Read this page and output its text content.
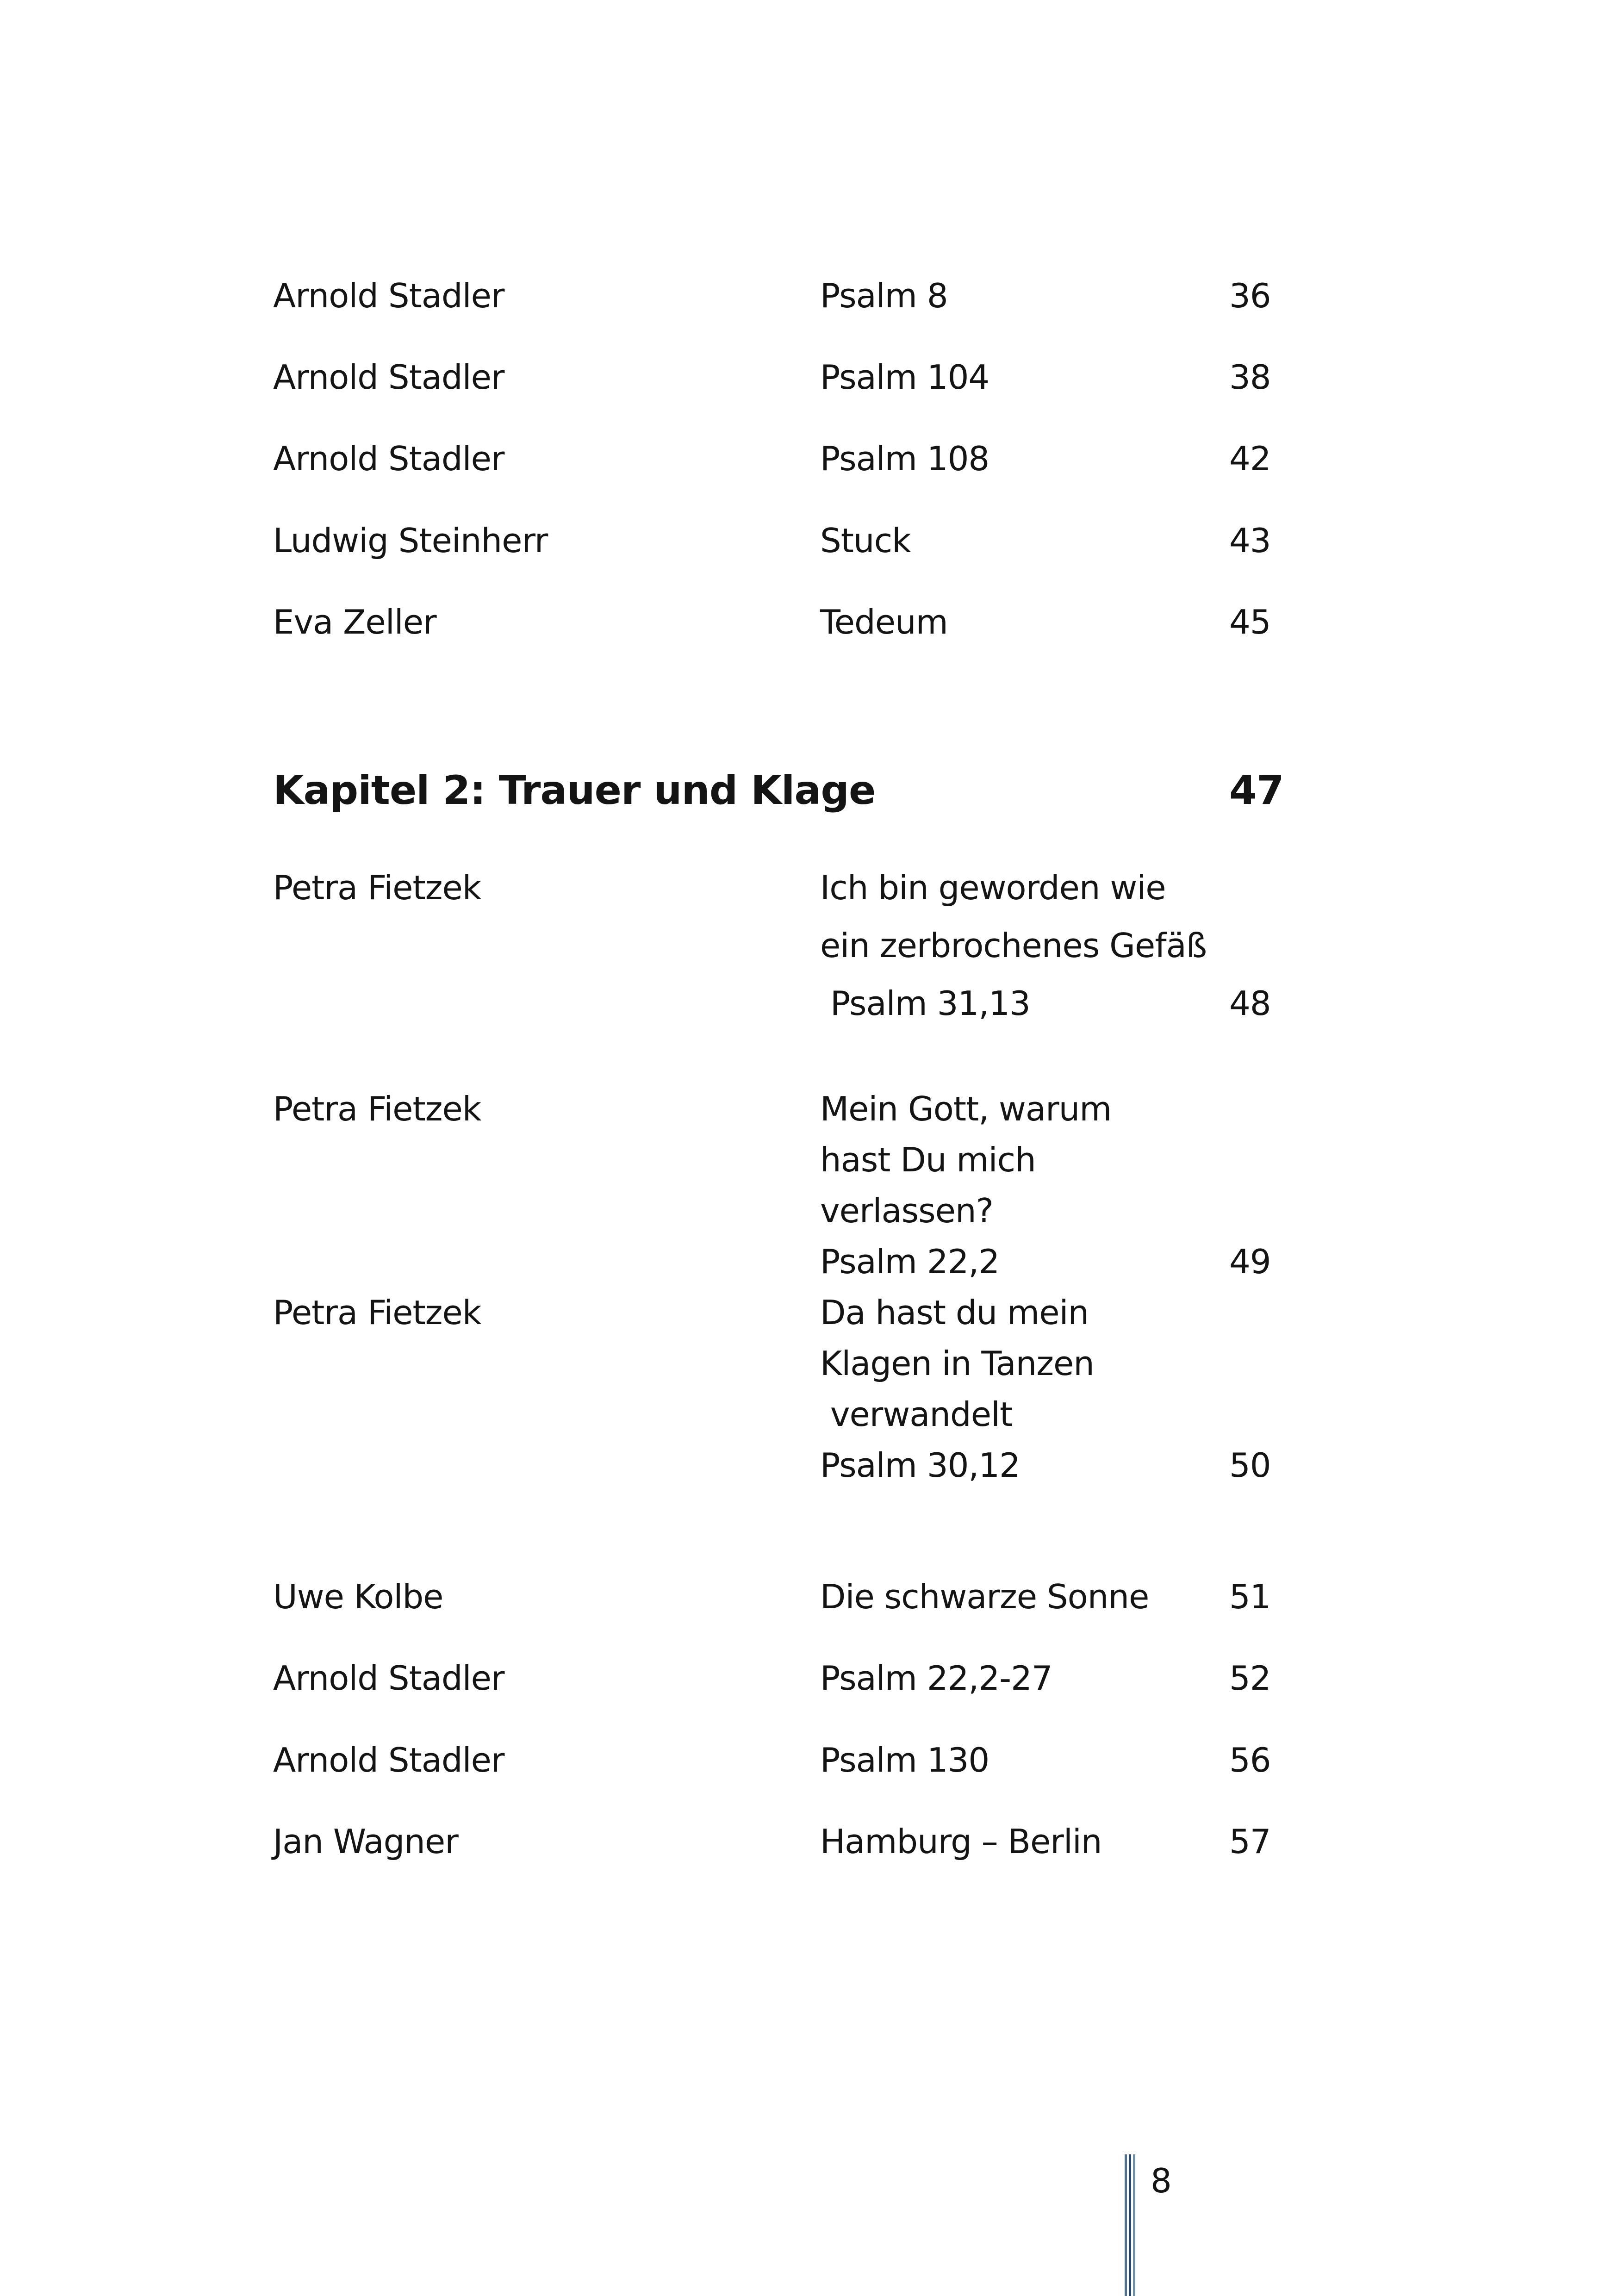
Arnold Stadler	Psalm 8	36
Arnold Stadler	Psalm 104	38
Arnold Stadler	Psalm 108	42
Ludwig Steinherr	Stuck	43
Eva Zeller	Tedeum	45
Kapitel 2: Trauer und Klage	47
Petra Fietzek	Ich bin geworden wie
ein zerbrochenes Gefäß
Psalm 31,13	48
Petra Fietzek	Mein Gott, warum
hast Du mich
verlassen?
Psalm 22,2	49
Petra Fietzek	Da hast du mein
Klagen in Tanzen
verwandelt
Psalm 30,12	50
Uwe Kolbe	Die schwarze Sonne 51
Arnold Stadler	Psalm 22,2-27	52
Arnold Stadler	Psalm 130	56
Jan Wagner	Hamburg – Berlin	57
8
